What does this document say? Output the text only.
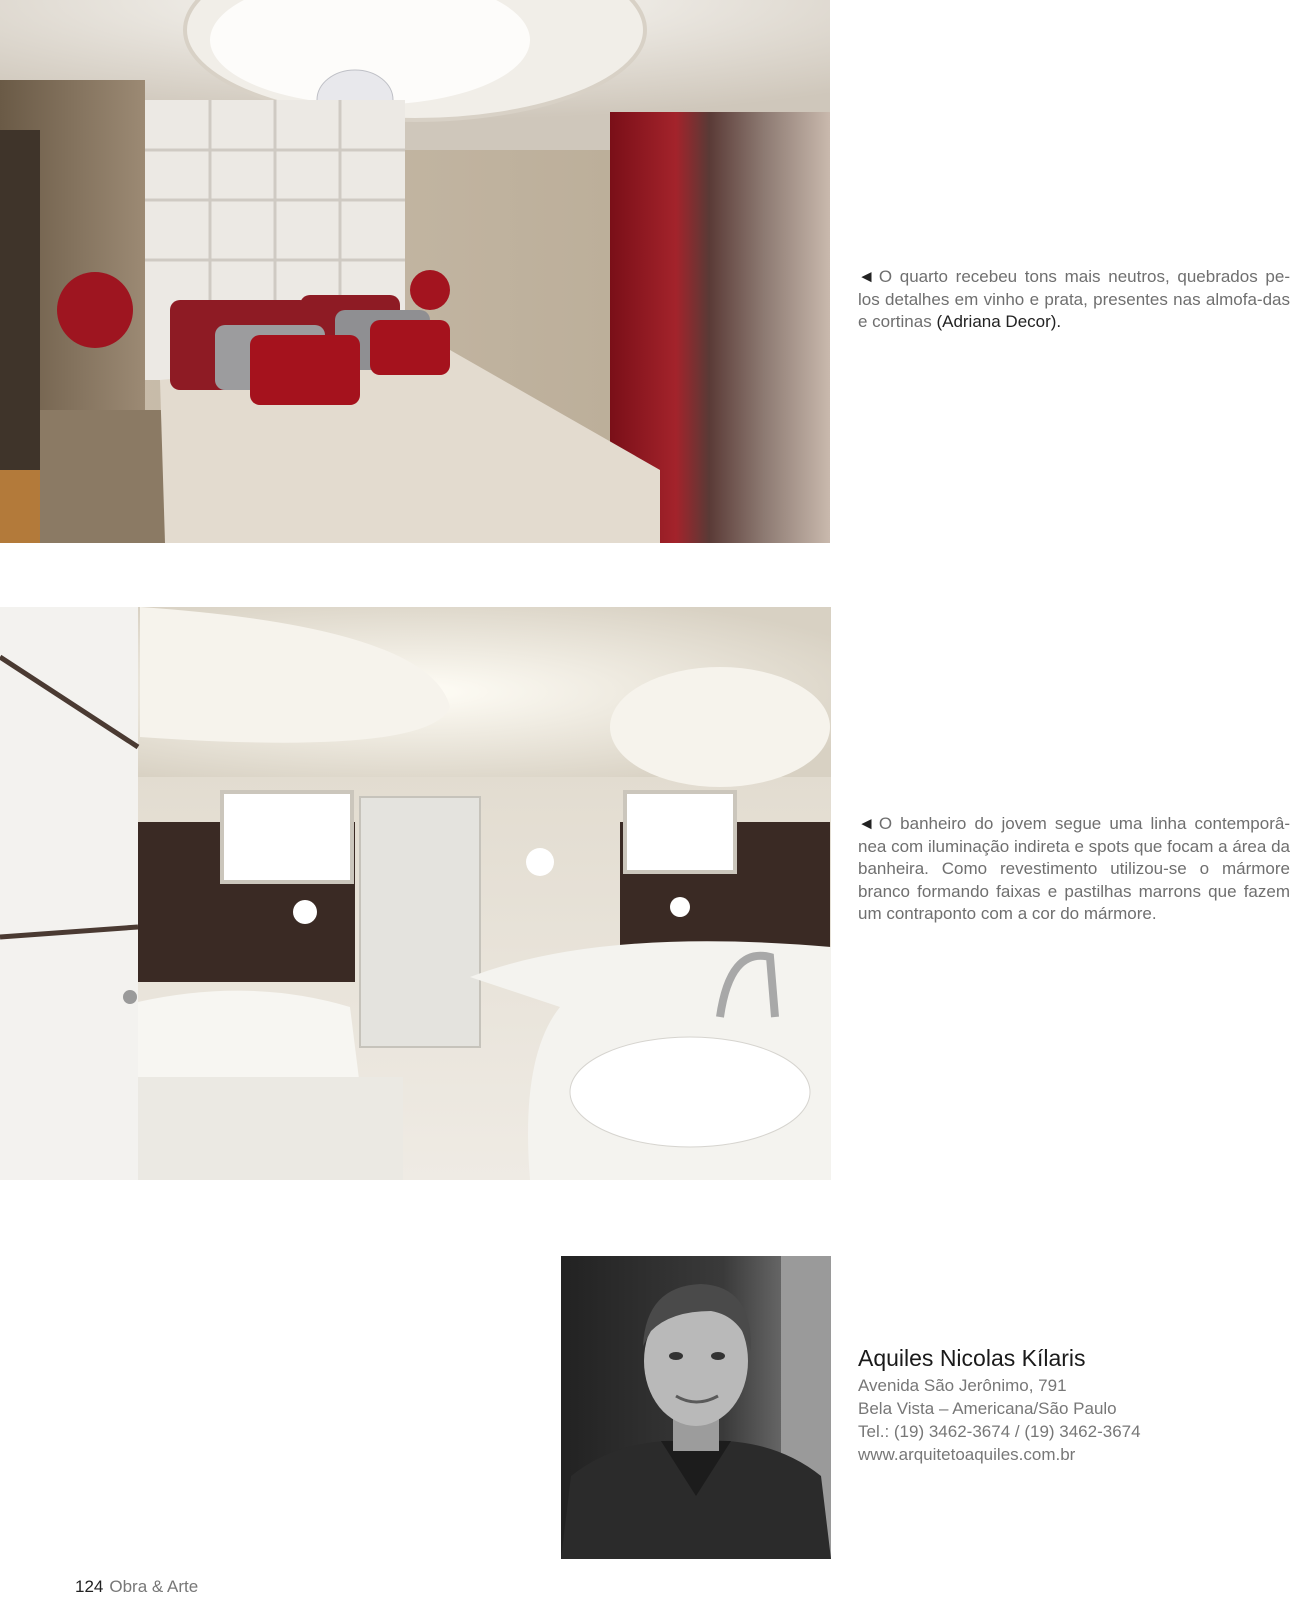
◄ O quarto recebeu tons mais neutros, quebrados pe-los detalhes em vinho e prata, presentes nas almofa-das e cortinas (Adriana Decor).
◄ O banheiro do jovem segue uma linha contemporâ-nea com iluminação indireta e spots que focam a área da banheira. Como revestimento utilizou-se o mármore branco formando faixas e pastilhas marrons que fazem um contraponto com a cor do mármore.
Aquiles Nicolas Kílaris
Avenida São Jerônimo, 791
Bela Vista – Americana/São Paulo
Tel.: (19) 3462-3674 / (19) 3462-3674
www.arquitetoaquiles.com.br
124 Obra & Arte
